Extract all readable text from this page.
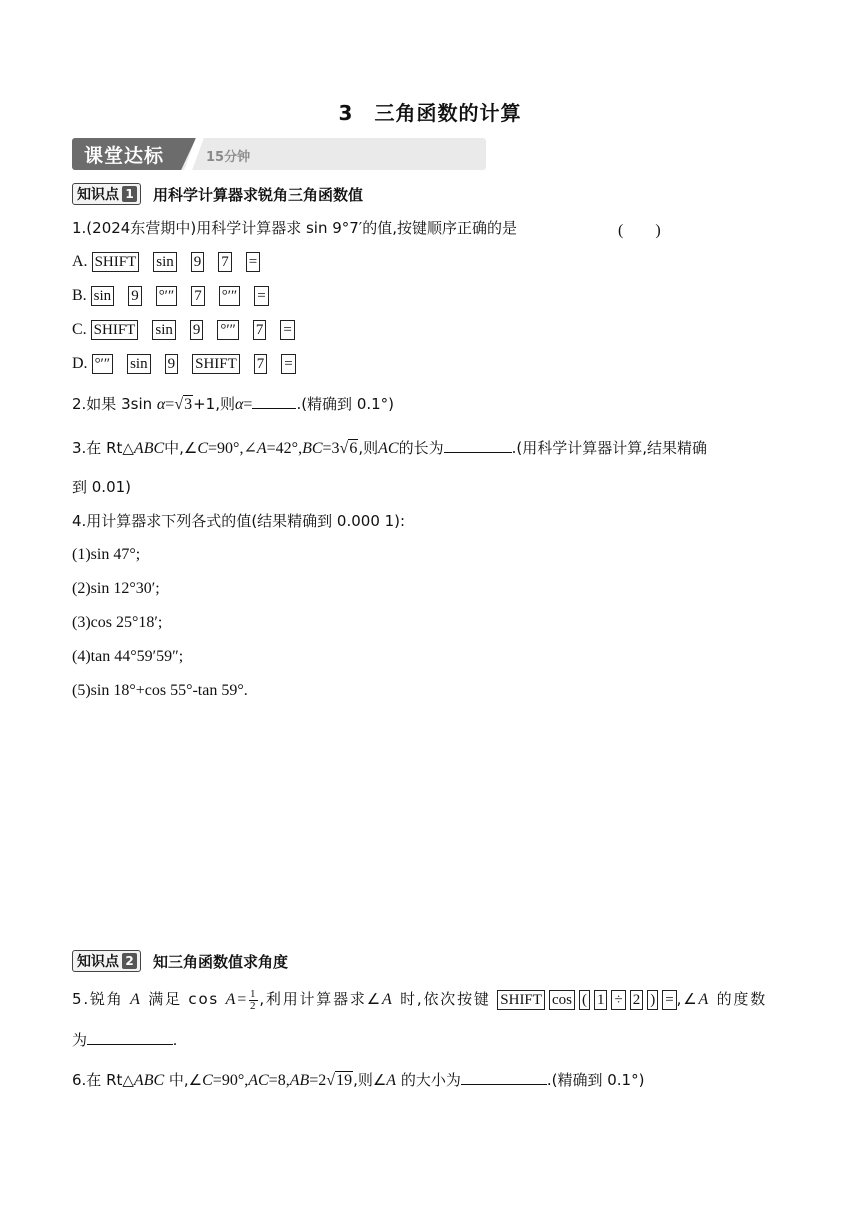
3　三角函数的计算
课堂达标	15分钟
知识点 1 用科学计算器求锐角三角函数值
1.(2024东营期中)用科学计算器求 sin 9°7′的值,按键顺序正确的是	(　　)
A. SHIFT sin 9 7 =
B. sin 9 °′″ 7 °′″ =
C. SHIFT sin 9 °′″ 7 =
D. °′″ sin 9 SHIFT 7 =
2.如果 3sin α=√3+1,则α=	.(精确到 0.1°)
3.在 Rt△ABC中,∠C=90°,∠A=42°,BC=3√6,则AC的长为	.(用科学计算器计算,结果精确
到 0.01)
4.用计算器求下列各式的值(结果精确到 0.000 1):
(1)sin 47°;
(2)sin 12°30′;
(3)cos 25°18′;
(4)tan 44°59′59″;
(5)sin 18°+cos 55°-tan 59°.
知识点 2 知三角函数值求角度
5.锐角 A 满足 $\cos A= \frac{1}{2}$ ,利用计算器求∠A 时,依次按键 SHIFT cos ( 1 ÷ 2 ) = ,∠A 的度数
为	.
6.在 Rt△ABC 中,∠C=90°,AC=8,AB=2√19,则∠A 的大小为	.(精确到 0.1°)
